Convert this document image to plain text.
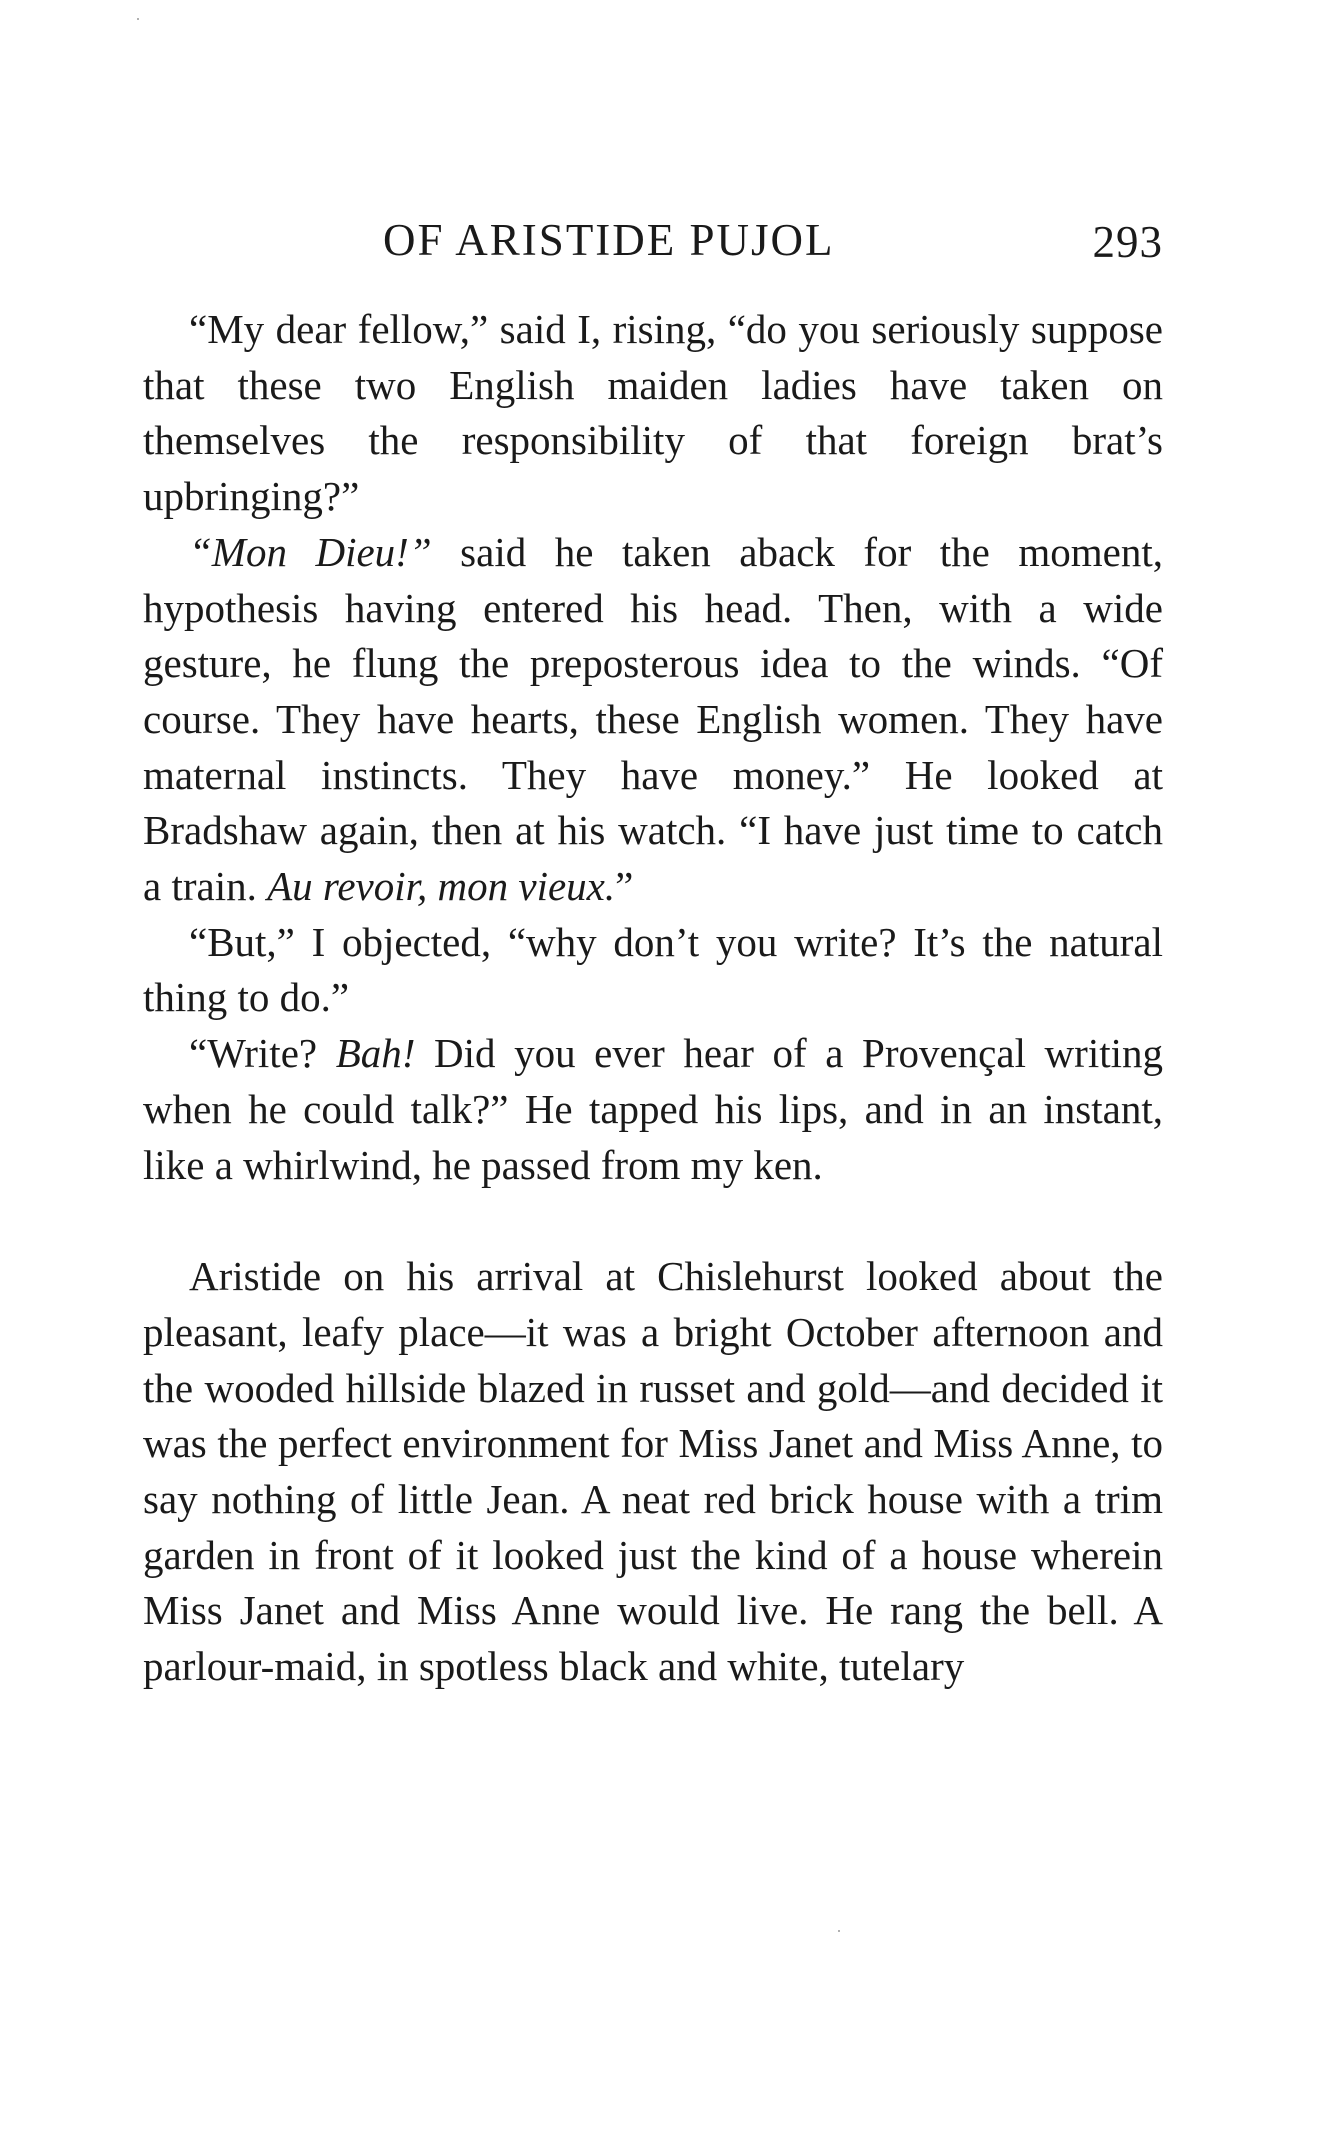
OF ARISTIDE PUJOL	293

“My dear fellow,” said I, rising, “do you seriously suppose that these two English maiden ladies have taken on themselves the responsibility of that foreign brat’s upbringing?”

“Mon Dieu!” said he taken aback for the moment, hypothesis having entered his head. Then, with a wide gesture, he flung the preposterous idea to the winds. “Of course. They have hearts, these English women. They have maternal instincts. They have money.” He looked at Bradshaw again, then at his watch. “I have just time to catch a train. Au revoir, mon vieux.”

“But,” I objected, “why don’t you write? It’s the natural thing to do.”

“Write? Bah! Did you ever hear of a Provençal writing when he could talk?” He tapped his lips, and in an instant, like a whirlwind, he passed from my ken.

Aristide on his arrival at Chislehurst looked about the pleasant, leafy place—it was a bright October afternoon and the wooded hillside blazed in russet and gold—and decided it was the perfect environment for Miss Janet and Miss Anne, to say nothing of little Jean. A neat red brick house with a trim garden in front of it looked just the kind of a house wherein Miss Janet and Miss Anne would live. He rang the bell. A parlour-maid, in spotless black and white, tutelary
